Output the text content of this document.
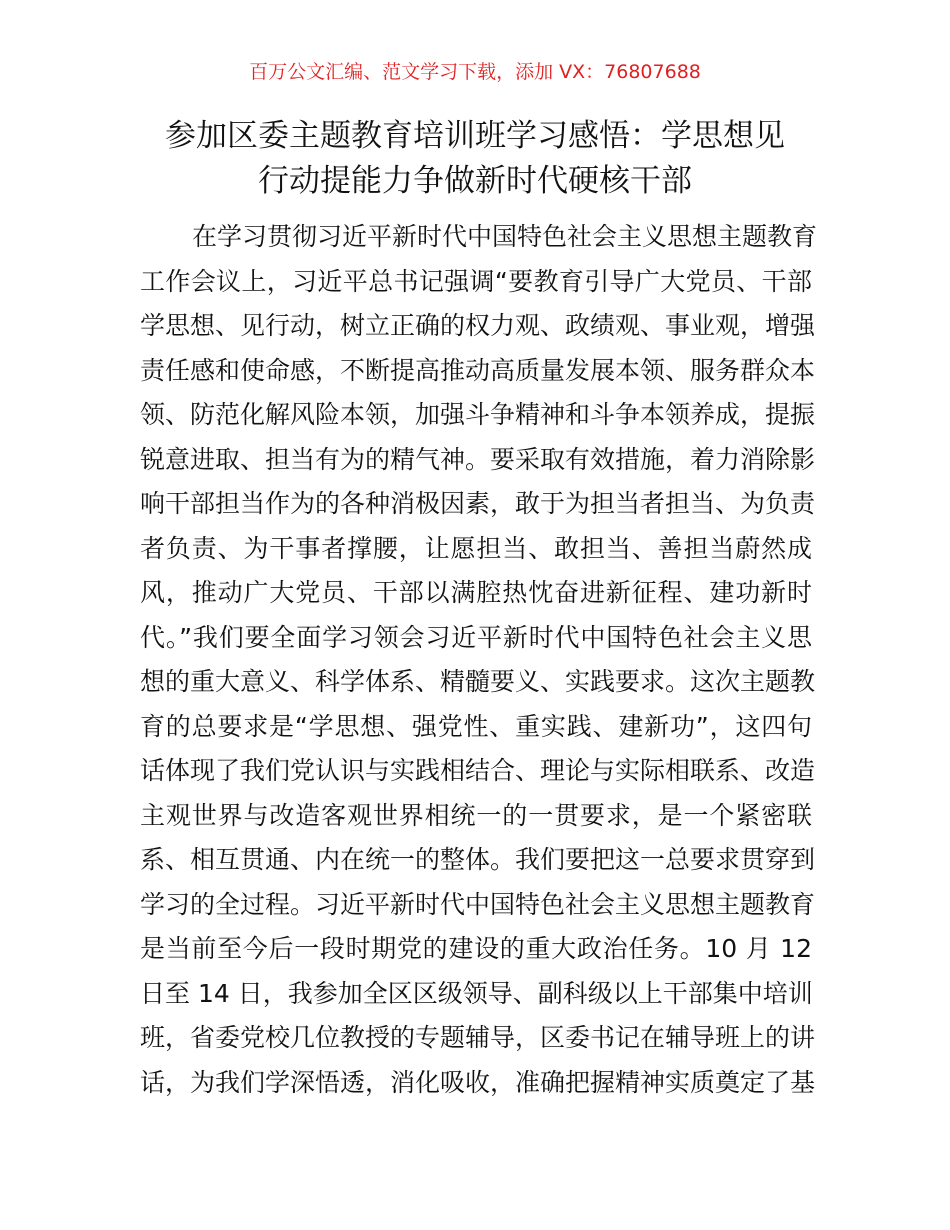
百万公文汇编、范文学习下载，添加 VX：76807688
参加区委主题教育培训班学习感悟：学思想见
行动提能力争做新时代硬核干部
在学习贯彻习近平新时代中国特色社会主义思想主题教育
工作会议上，习近平总书记强调“要教育引导广大党员、干部
学思想、见行动，树立正确的权力观、政绩观、事业观，增强
责任感和使命感，不断提高推动高质量发展本领、服务群众本
领、防范化解风险本领，加强斗争精神和斗争本领养成，提振
锐意进取、担当有为的精气神。要采取有效措施，着力消除影
响干部担当作为的各种消极因素，敢于为担当者担当、为负责
者负责、为干事者撑腰，让愿担当、敢担当、善担当蔚然成
风，推动广大党员、干部以满腔热忱奋进新征程、建功新时
代。”我们要全面学习领会习近平新时代中国特色社会主义思
想的重大意义、科学体系、精髓要义、实践要求。这次主题教
育的总要求是“学思想、强党性、重实践、建新功”，这四句
话体现了我们党认识与实践相结合、理论与实际相联系、改造
主观世界与改造客观世界相统一的一贯要求，是一个紧密联
系、相互贯通、内在统一的整体。我们要把这一总要求贯穿到
学习的全过程。习近平新时代中国特色社会主义思想主题教育
是当前至今后一段时期党的建设的重大政治任务。10 月 12
日至 14 日，我参加全区区级领导、副科级以上干部集中培训
班，省委党校几位教授的专题辅导，区委书记在辅导班上的讲
话，为我们学深悟透，消化吸收，准确把握精神实质奠定了基
